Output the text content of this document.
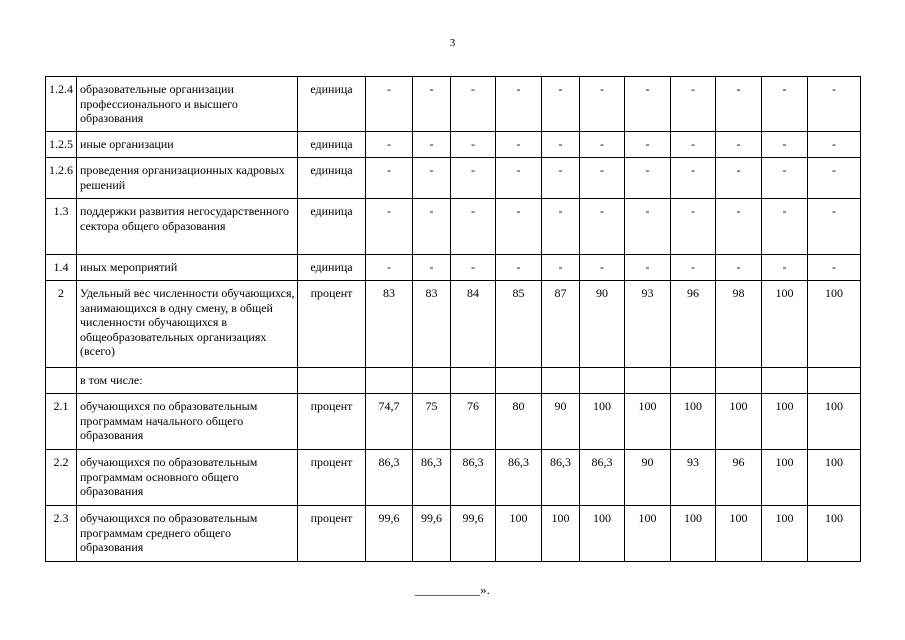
3
1.2.4	образовательные организации профессионального и высшего образования	единица	-	-	-	-	-	-	-	-	-	-	-
1.2.5	иные организации	единица	-	-	-	-	-	-	-	-	-	-	-
1.2.6	проведения организационных кадровых решений	единица	-	-	-	-	-	-	-	-	-	-	-
1.3	поддержки развития негосударственного сектора общего образования	единица	-	-	-	-	-	-	-	-	-	-	-
1.4	иных мероприятий	единица	-	-	-	-	-	-	-	-	-	-	-
2	Удельный вес численности обучающихся, занимающихся в одну смену, в общей численности обучающихся в общеобразовательных организациях (всего)	процент	83	83	84	85	87	90	93	96	98	100	100
	в том числе:												
2.1	обучающихся по образовательным программам начального общего образования	процент	74,7	75	76	80	90	100	100	100	100	100	100
2.2	обучающихся по образовательным программам основного общего образования	процент	86,3	86,3	86,3	86,3	86,3	86,3	90	93	96	100	100
2.3	обучающихся по образовательным программам среднего общего образования	процент	99,6	99,6	99,6	100	100	100	100	100	100	100	100
__________».
